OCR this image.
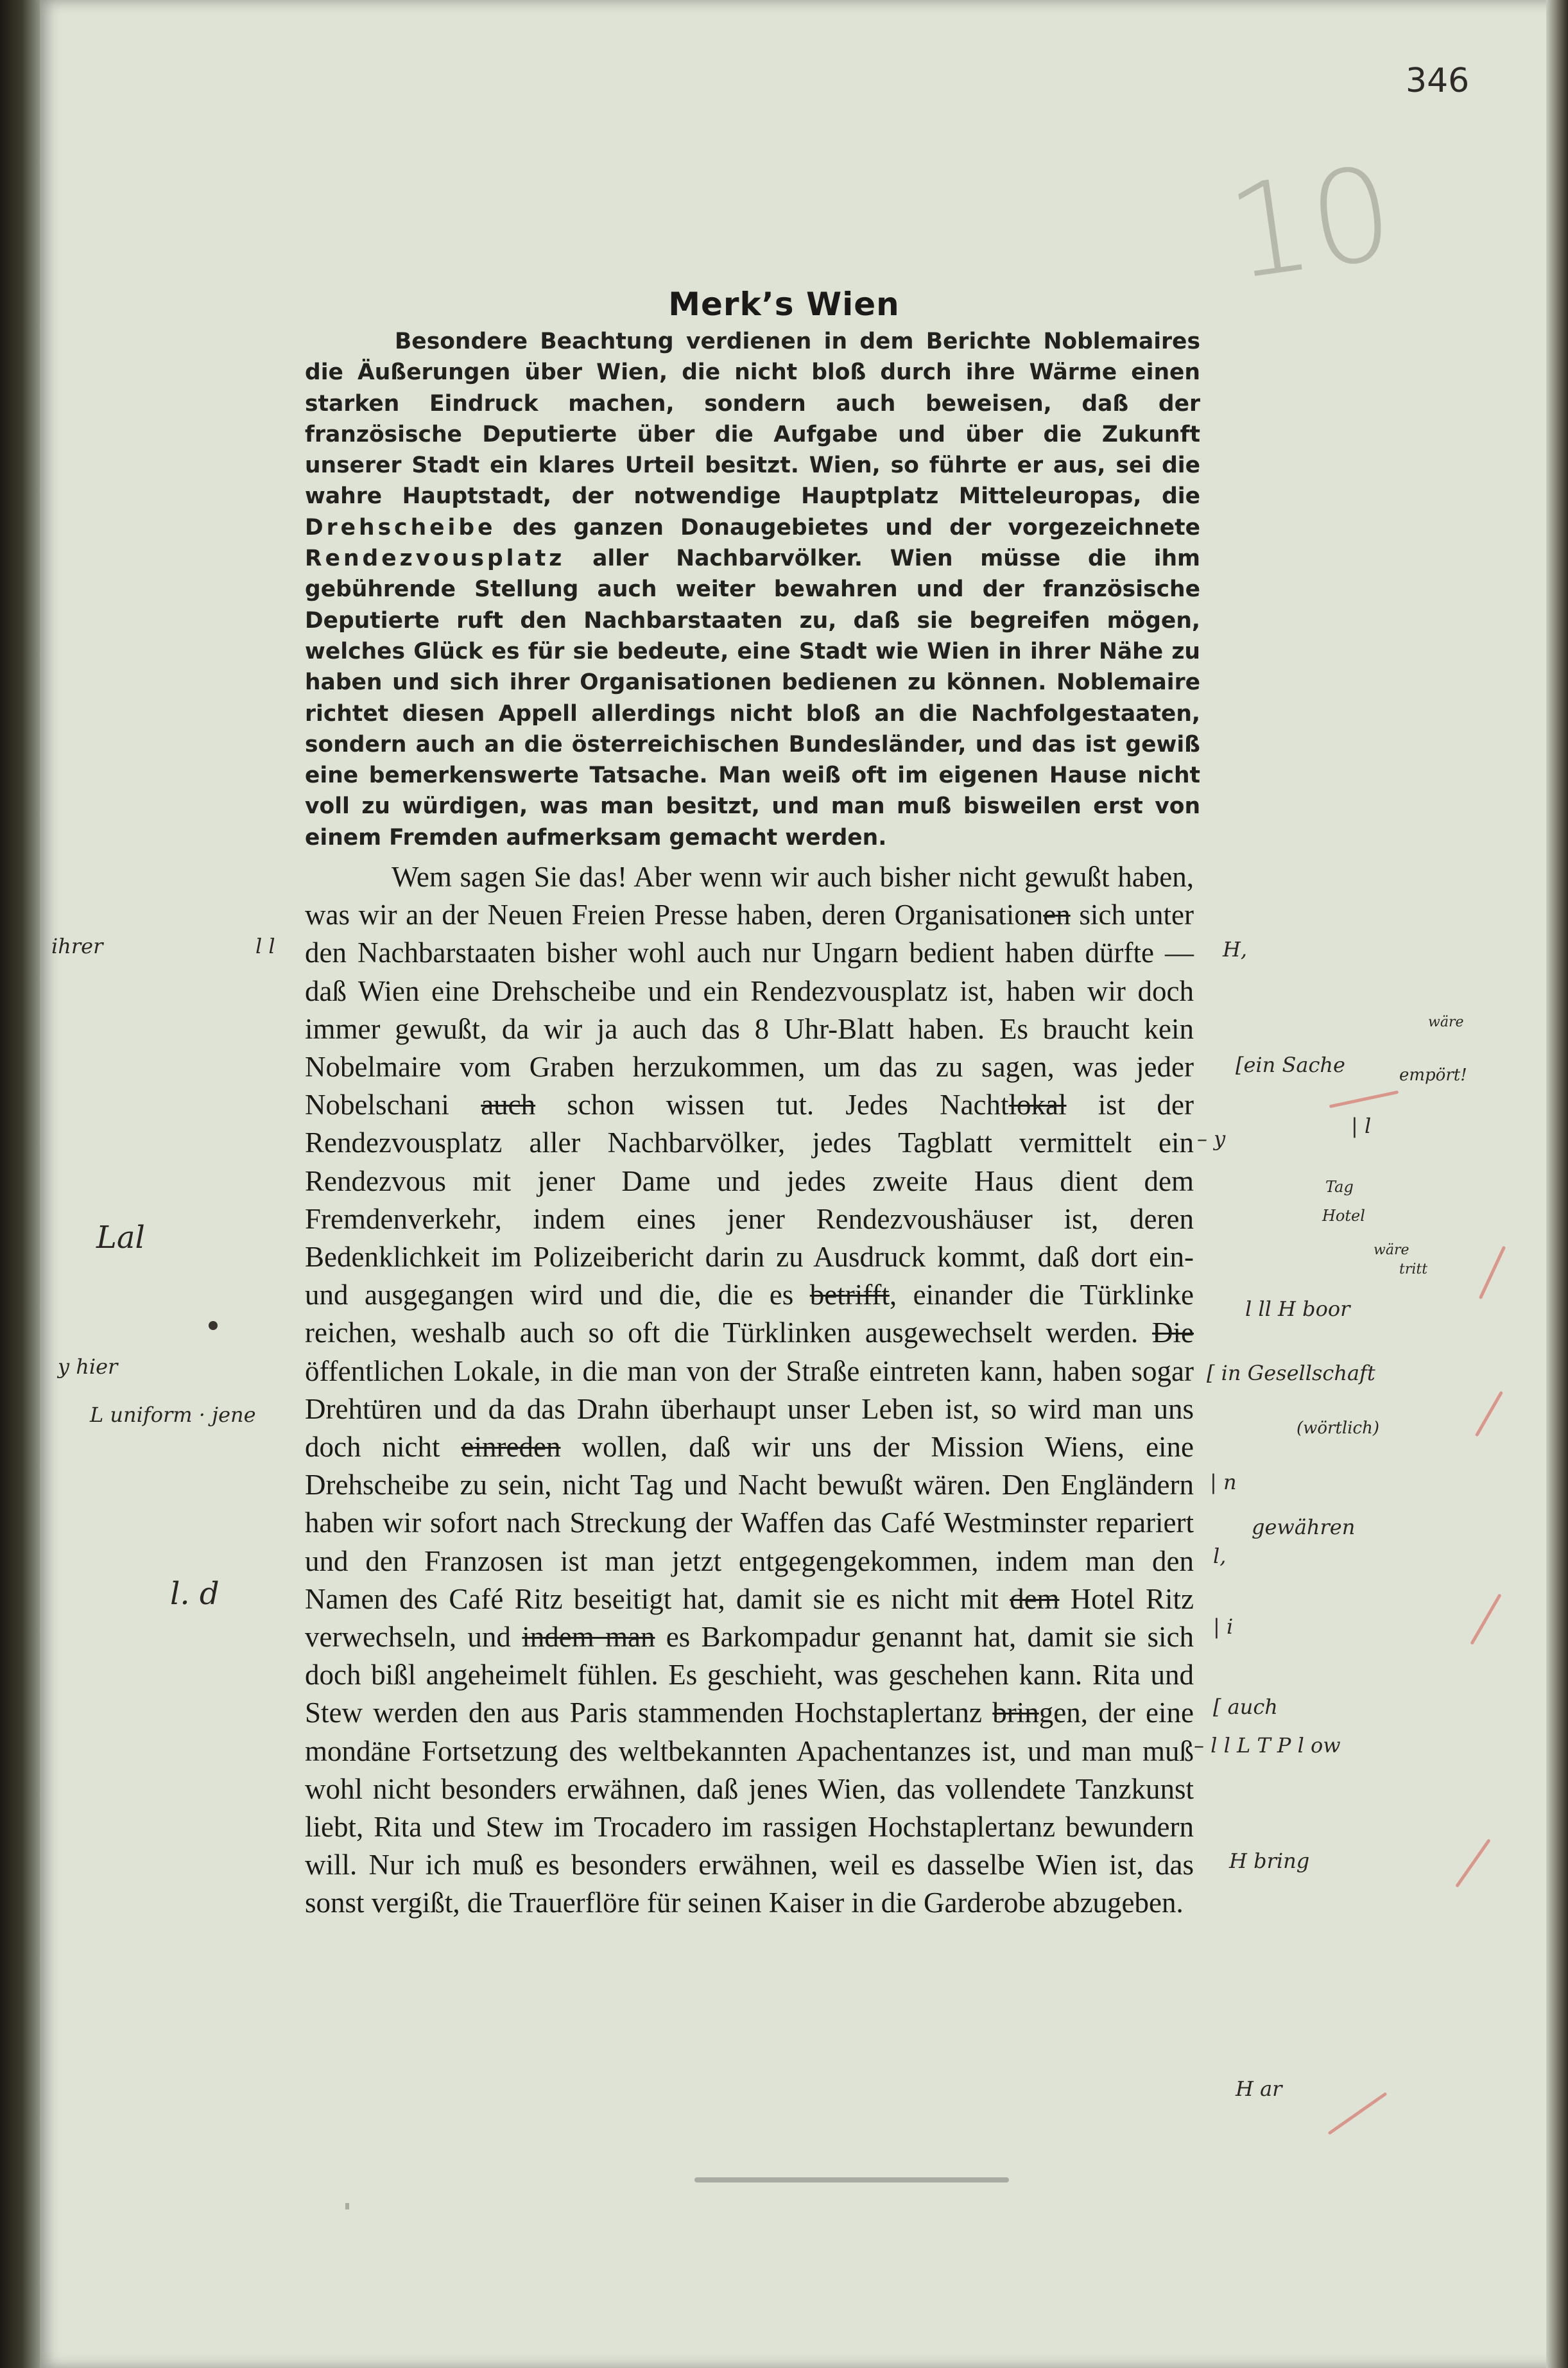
346
10
Merk’s Wien
Besondere Beachtung verdienen in dem Berichte Noblemaires die Äußerungen über Wien, die nicht bloß durch ihre Wärme einen starken Eindruck machen, sondern auch beweisen, daß der französische Deputierte über die Aufgabe und über die Zukunft unserer Stadt ein klares Urteil besitzt. Wien, so führte er aus, sei die wahre Hauptstadt, der notwendige Hauptplatz Mitteleuropas, die Drehscheibe des ganzen Donaugebietes und der vorgezeichnete Rendezvousplatz aller Nachbarvölker. Wien müsse die ihm gebührende Stellung auch weiter bewahren und der französische Deputierte ruft den Nachbarstaaten zu, daß sie begreifen mögen, welches Glück es für sie bedeute, eine Stadt wie Wien in ihrer Nähe zu haben und sich ihrer Organisationen bedienen zu können. Noblemaire richtet diesen Appell allerdings nicht bloß an die Nachfolgestaaten, sondern auch an die österreichischen Bundesländer, und das ist gewiß eine bemerkenswerte Tatsache. Man weiß oft im eigenen Hause nicht voll zu würdigen, was man besitzt, und man muß bisweilen erst von einem Fremden aufmerksam gemacht werden.
Wem sagen Sie das! Aber wenn wir auch bisher nicht gewußt haben, was wir an der Neuen Freien Presse haben, deren Organisationen sich unter den Nachbarstaaten bisher wohl auch nur Ungarn bedient haben dürfte — daß Wien eine Drehscheibe und ein Rendezvousplatz ist, haben wir doch immer gewußt, da wir ja auch das 8 Uhr-Blatt haben. Es braucht kein Nobelmaire vom Graben herzukommen, um das zu sagen, was jeder Nobelschani auch schon wissen tut. Jedes Nachtlokal ist der Rendezvousplatz aller Nachbarvölker, jedes Tagblatt vermittelt ein Rendezvous mit jener Dame und jedes zweite Haus dient dem Fremdenverkehr, indem eines jener Rendezvoushäuser ist, deren Bedenklichkeit im Polizeibericht darin zu Ausdruck kommt, daß dort ein- und ausgegangen wird und die, die es betrifft, einander die Türklinke reichen, weshalb auch so oft die Türklinken ausgewechselt werden. Die öffentlichen Lokale, in die man von der Straße eintreten kann, haben sogar Drehtüren und da das Drahn überhaupt unser Leben ist, so wird man uns doch nicht einreden wollen, daß wir uns der Mission Wiens, eine Drehscheibe zu sein, nicht Tag und Nacht bewußt wären. Den Engländern haben wir sofort nach Streckung der Waffen das Café Westminster repariert und den Franzosen ist man jetzt entgegengekommen, indem man den Namen des Café Ritz beseitigt hat, damit sie es nicht mit dem Hotel Ritz verwechseln, und indem man es Barkompadur genannt hat, damit sie sich doch bißl angeheimelt fühlen. Es geschieht, was geschehen kann. Rita und Stew werden den aus Paris stammenden Hochstaplertanz bringen, der eine mondäne Fortsetzung des weltbekannten Apachentanzes ist, und man muß wohl nicht besonders erwähnen, daß jenes Wien, das vollendete Tanzkunst liebt, Rita und Stew im Trocadero im rassigen Hochstaplertanz bewundern will. Nur ich muß es besonders erwähnen, weil es dasselbe Wien ist, das sonst vergißt, die Trauerflöre für seinen Kaiser in die Garderobe abzugeben.
ihrer	l l
Lal
y hier
L uniform · jene
l. d
H,
[ein Sache
wäre
empört!
– y
| l
Tag
Hotel
wäre
tritt
l ll H boor
[ in Gesellschaft
(wörtlich)
| n
gewähren
l,
| i
[ auch
– l l L T P l ow
H bring
H ar
